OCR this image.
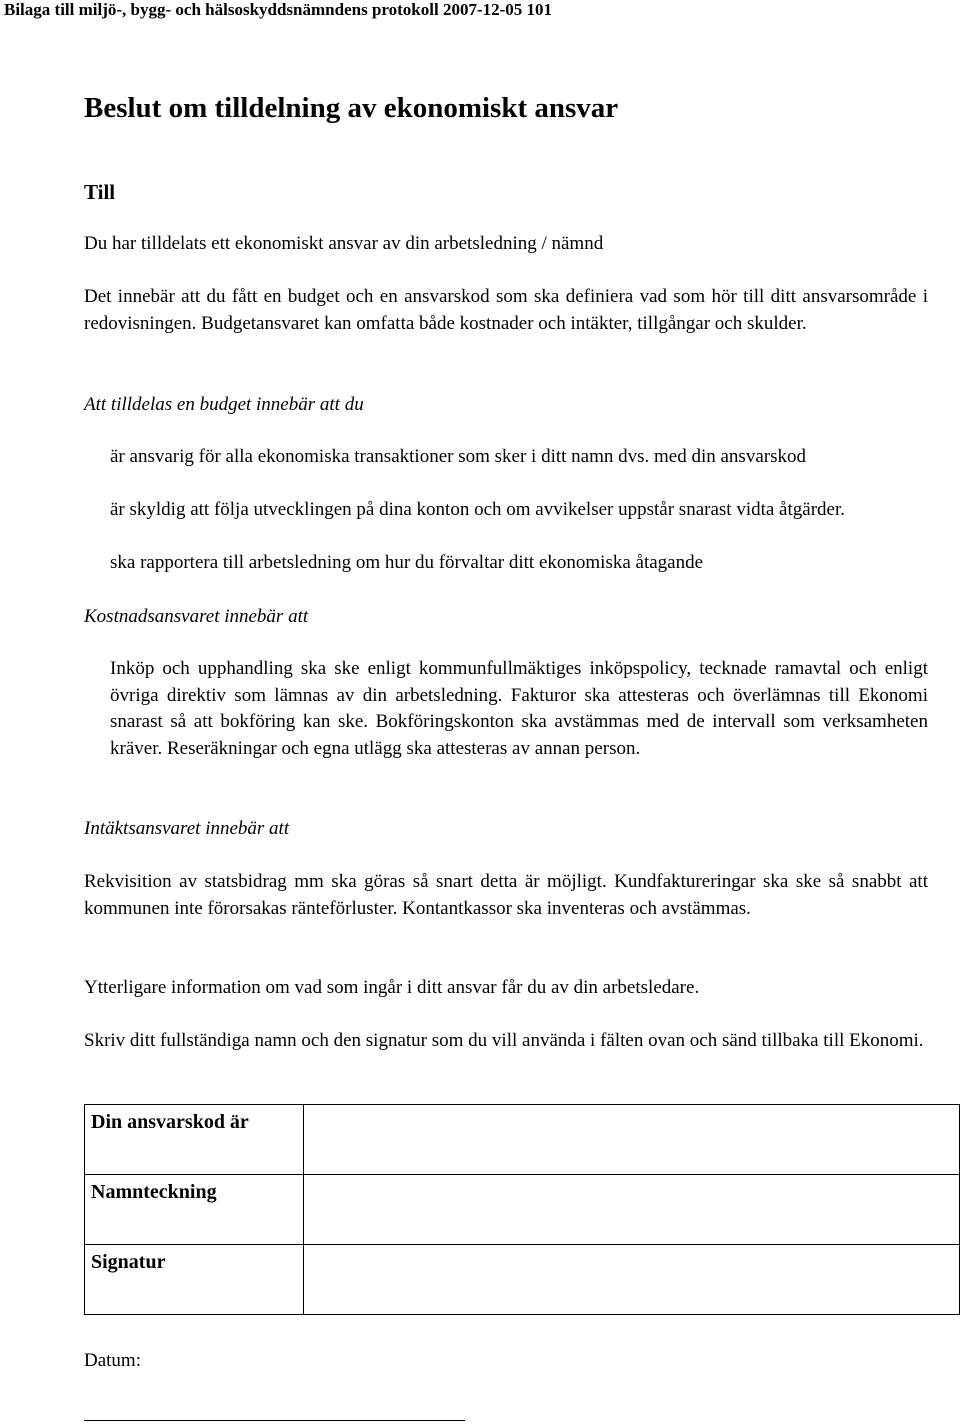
Bilaga till miljö-, bygg- och hälsoskyddsnämndens protokoll 2007-12-05 101
Beslut om tilldelning av ekonomiskt ansvar
Till

Du har tilldelats ett ekonomiskt ansvar av din arbetsledning / nämnd

Det innebär att du fått en budget och en ansvarskod som ska definiera vad som hör till ditt ansvarsområde i redovisningen. Budgetansvaret kan omfatta både kostnader och intäkter, tillgångar och skulder.

Att tilldelas en budget innebär att du

är ansvarig för alla ekonomiska transaktioner som sker i ditt namn dvs. med din ansvarskod

är skyldig att följa utvecklingen på dina konton och om avvikelser uppstår snarast vidta åtgärder.

ska rapportera till arbetsledning om hur du förvaltar ditt ekonomiska åtagande

Kostnadsansvaret innebär att

Inköp och upphandling ska ske enligt kommunfullmäktiges inköpspolicy, tecknade ramavtal och enligt övriga direktiv som lämnas av din arbetsledning. Fakturor ska attesteras och överlämnas till Ekonomi snarast så att bokföring kan ske. Bokföringskonton ska avstämmas med de intervall som verksamheten kräver. Reseräkningar och egna utlägg ska attesteras av annan person.

Intäktsansvaret innebär att

Rekvisition av statsbidrag mm ska göras så snart detta är möjligt. Kundfaktureringar ska ske så snabbt att kommunen inte förorsakas ränteförluster. Kontantkassor ska inventeras och avstämmas.

Ytterligare information om vad som ingår i ditt ansvar får du av din arbetsledare.

Skriv ditt fullständiga namn och den signatur som du vill använda i fälten ovan och sänd tillbaka till Ekonomi.

Din ansvarskod är	
Namnteckning	
Signatur	
Datum:
